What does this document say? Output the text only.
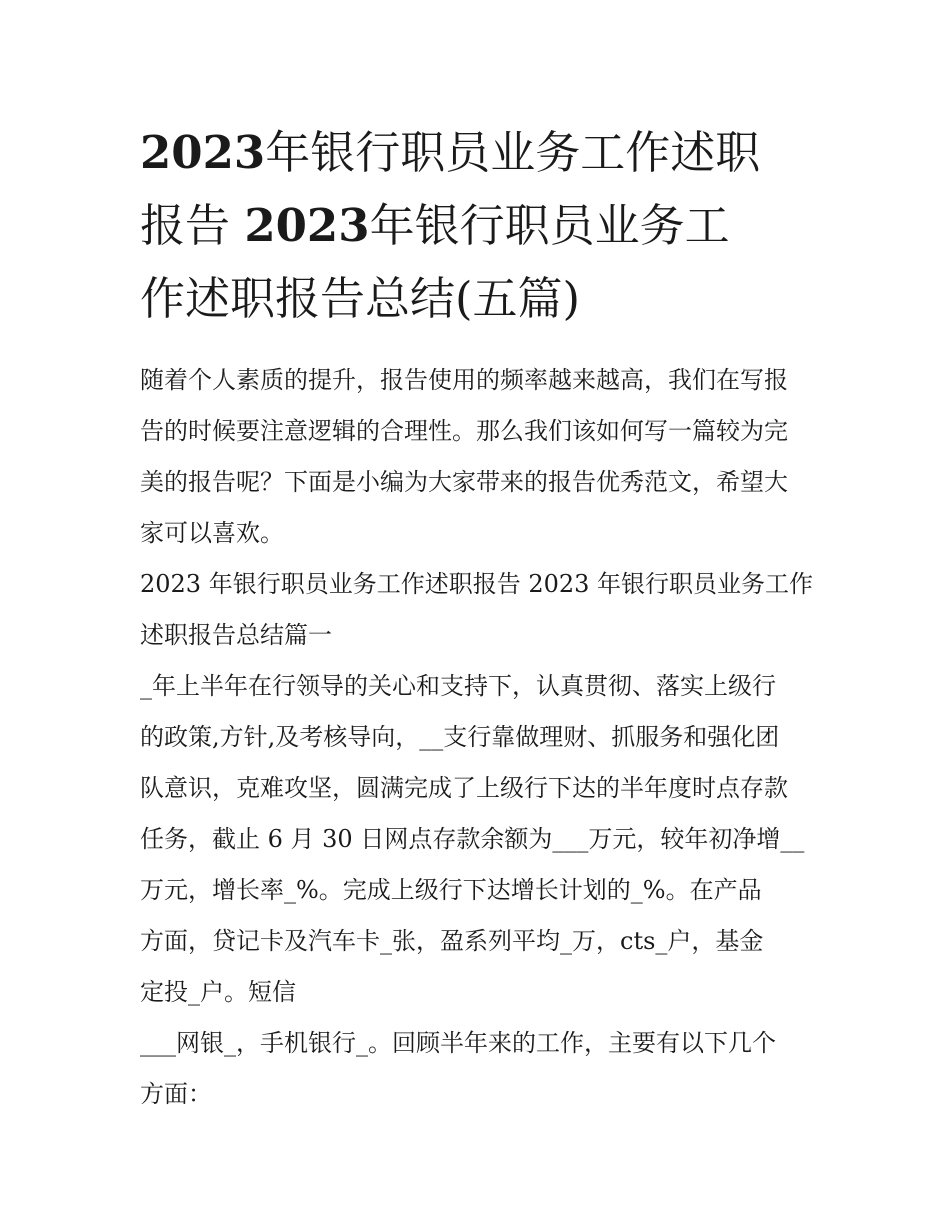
2023年银行职员业务工作述职
报告 2023年银行职员业务工
作述职报告总结(五篇)
随着个人素质的提升，报告使用的频率越来越高，我们在写报
告的时候要注意逻辑的合理性。那么我们该如何写一篇较为完
美的报告呢？下面是小编为大家带来的报告优秀范文，希望大
家可以喜欢。
2023 年银行职员业务工作述职报告 2023 年银行职员业务工作
述职报告总结篇一
_年上半年在行领导的关心和支持下，认真贯彻、落实上级行
的政策,方针,及考核导向，__支行靠做理财、抓服务和强化团
队意识，克难攻坚，圆满完成了上级行下达的半年度时点存款
任务，截止 6 月 30 日网点存款余额为___万元，较年初净增__
万元，增长率_%。完成上级行下达增长计划的_%。在产品
方面，贷记卡及汽车卡_张，盈系列平均_万，cts_户，基金
定投_户。短信
___网银_，手机银行_。回顾半年来的工作，主要有以下几个
方面：
